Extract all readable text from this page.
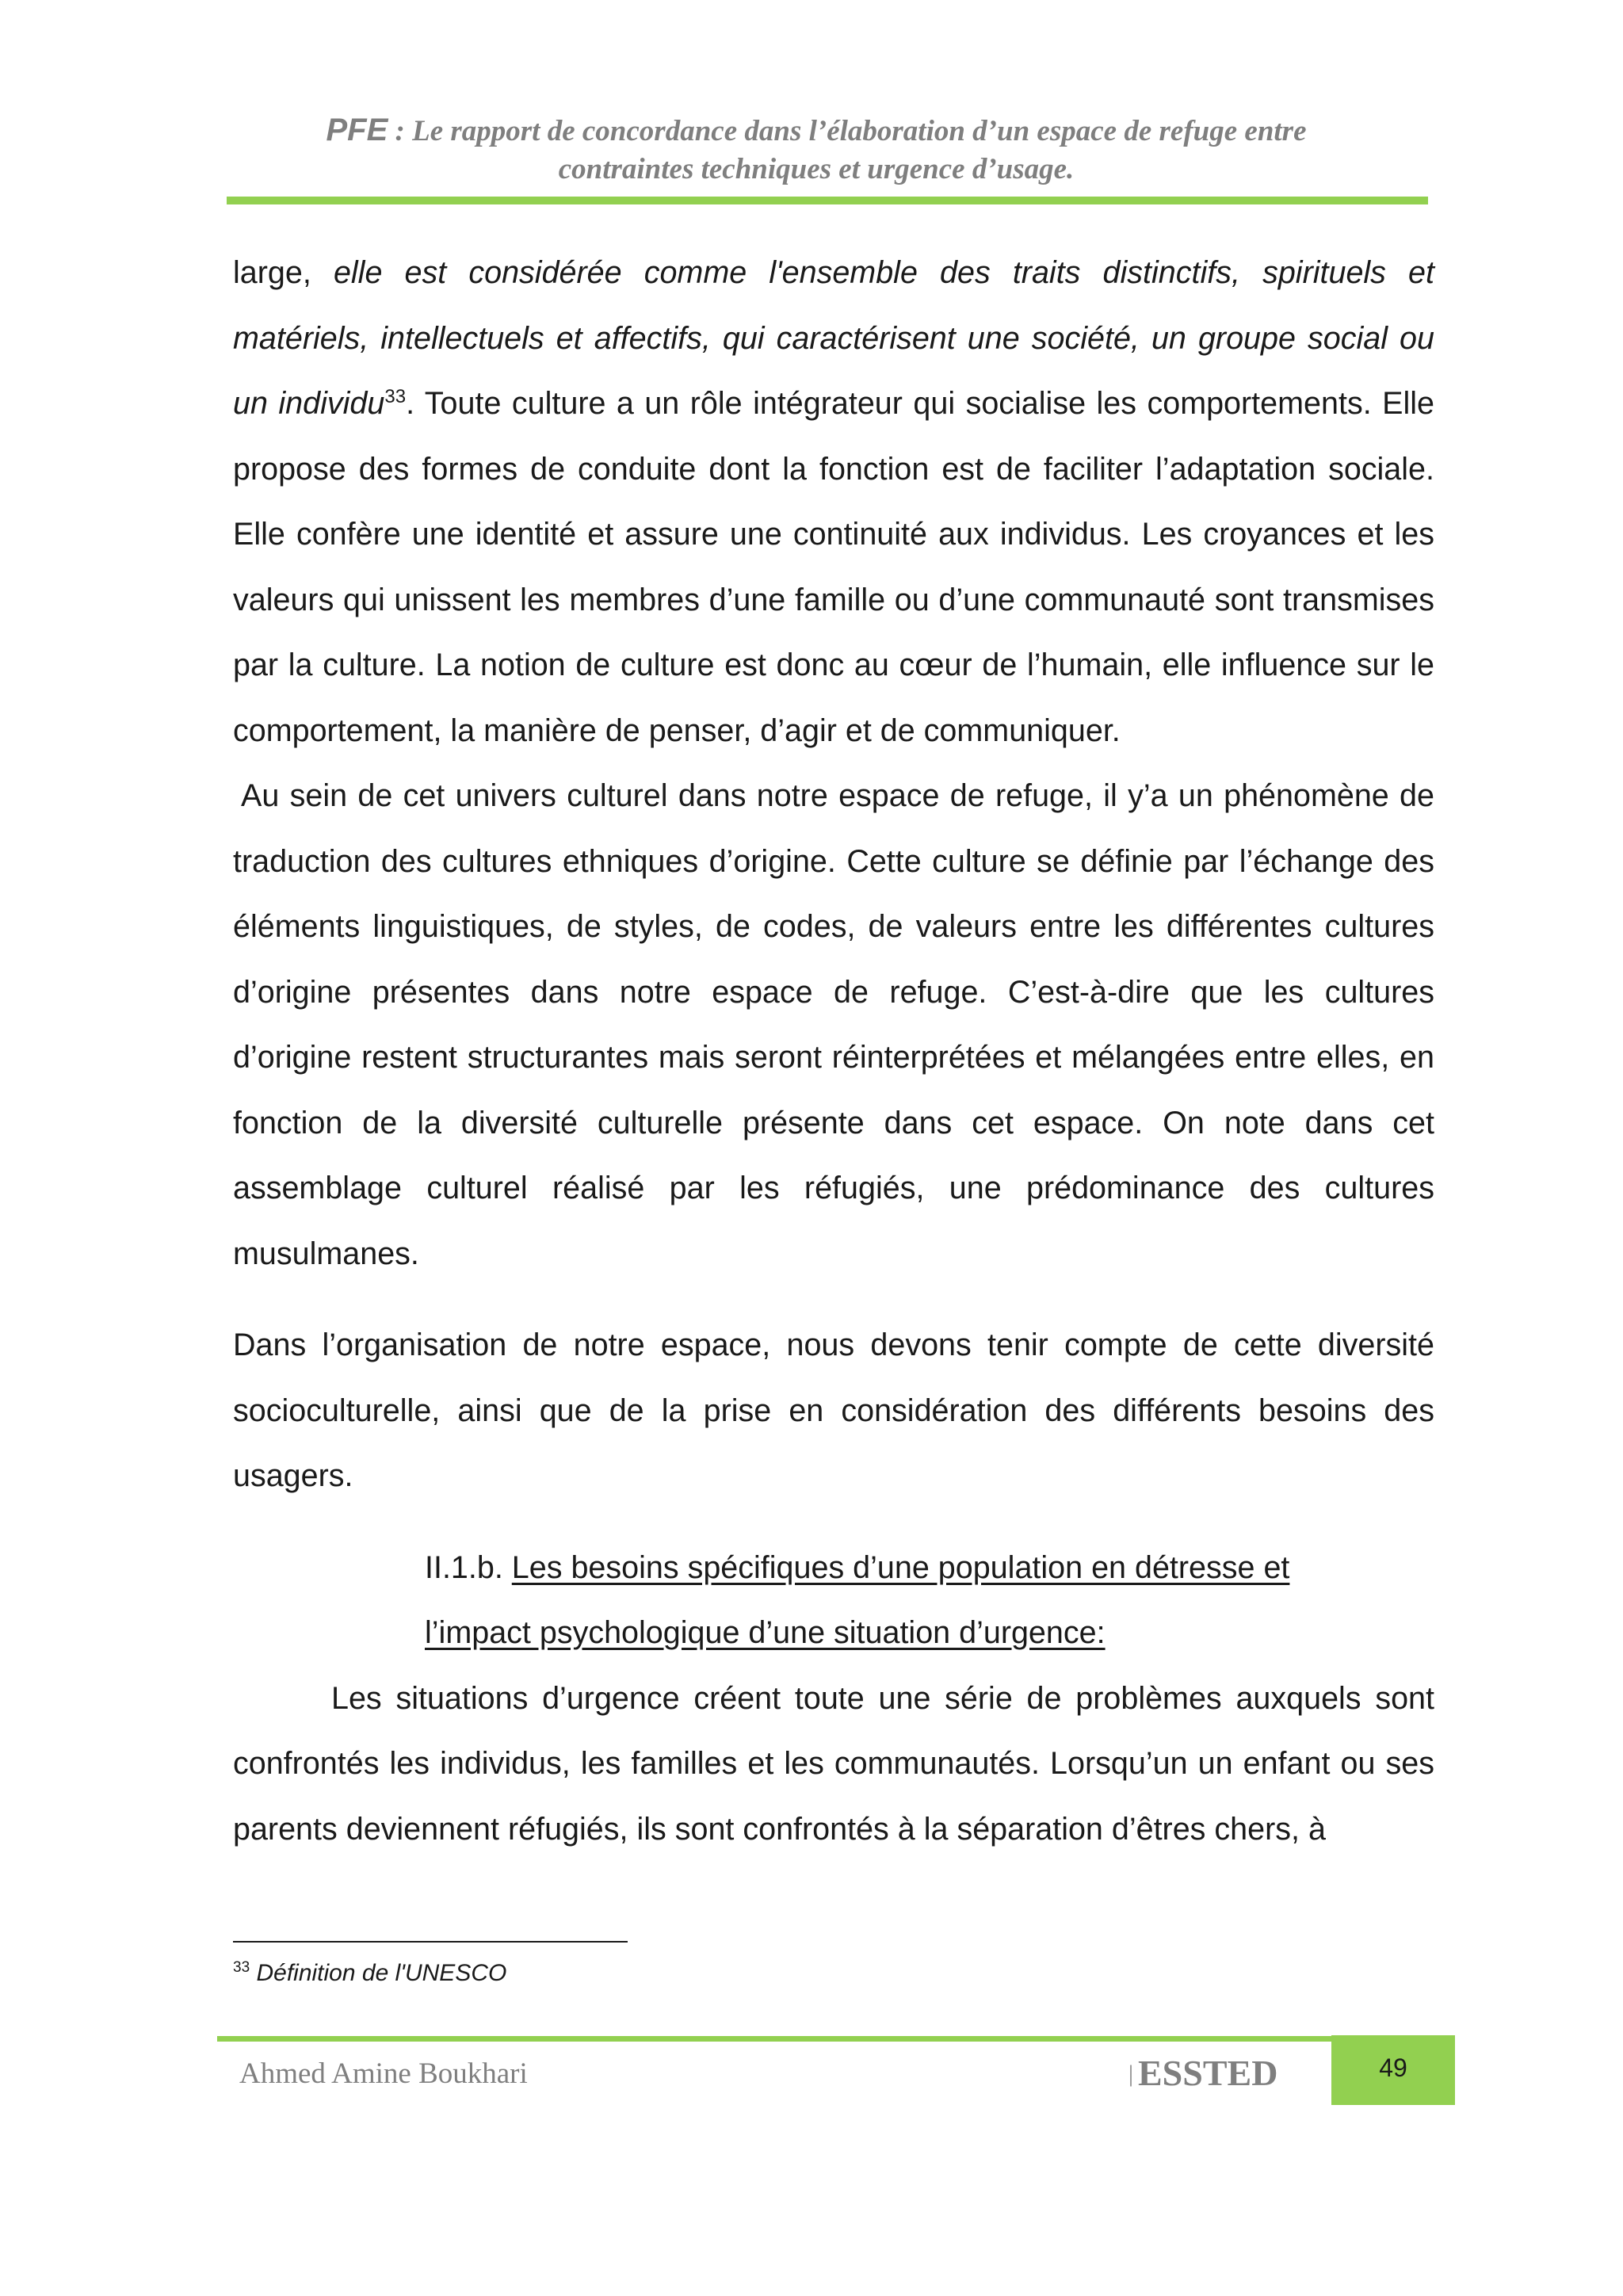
PFE : Le rapport de concordance dans l’élaboration d’un espace de refuge entre
contraintes techniques et urgence d’usage.

large, elle est considérée comme l'ensemble des traits distinctifs, spirituels et matériels, intellectuels et affectifs, qui caractérisent une société, un groupe social ou un individu$^{33}$. Toute culture a un rôle intégrateur qui socialise les comportements. Elle propose des formes de conduite dont la fonction est de faciliter l’adaptation sociale. Elle confère une identité et assure une continuité aux individus. Les croyances et les valeurs qui unissent les membres d’une famille ou d’une communauté sont transmises par la culture. La notion de culture est donc au cœur de l’humain, elle influence sur le comportement, la manière de penser, d’agir et de communiquer.

Au sein de cet univers culturel dans notre espace de refuge, il y’a un phénomène de traduction des cultures ethniques d’origine. Cette culture se définie par l’échange des éléments linguistiques, de styles, de codes, de valeurs entre les différentes cultures d’origine présentes dans notre espace de refuge. C’est-à-dire que les cultures d’origine restent structurantes mais seront réinterprétées et mélangées entre elles, en fonction de la diversité culturelle présente dans cet espace. On note dans cet assemblage culturel réalisé par les réfugiés, une prédominance des cultures musulmanes.

Dans l’organisation de notre espace, nous devons tenir compte de cette diversité socioculturelle, ainsi que de la prise en considération des différents besoins des usagers.

II.1.b. Les besoins spécifiques d’une population en détresse et l’impact psychologique d’une situation d’urgence:

Les situations d’urgence créent toute une série de problèmes auxquels sont confrontés les individus, les familles et les communautés. Lorsqu’un un enfant ou ses parents deviennent réfugiés, ils sont confrontés à la séparation d’êtres chers, à

$^{33}$ Définition de l'UNESCO
Ahmed Amine Boukhari	| ESSTED	49
